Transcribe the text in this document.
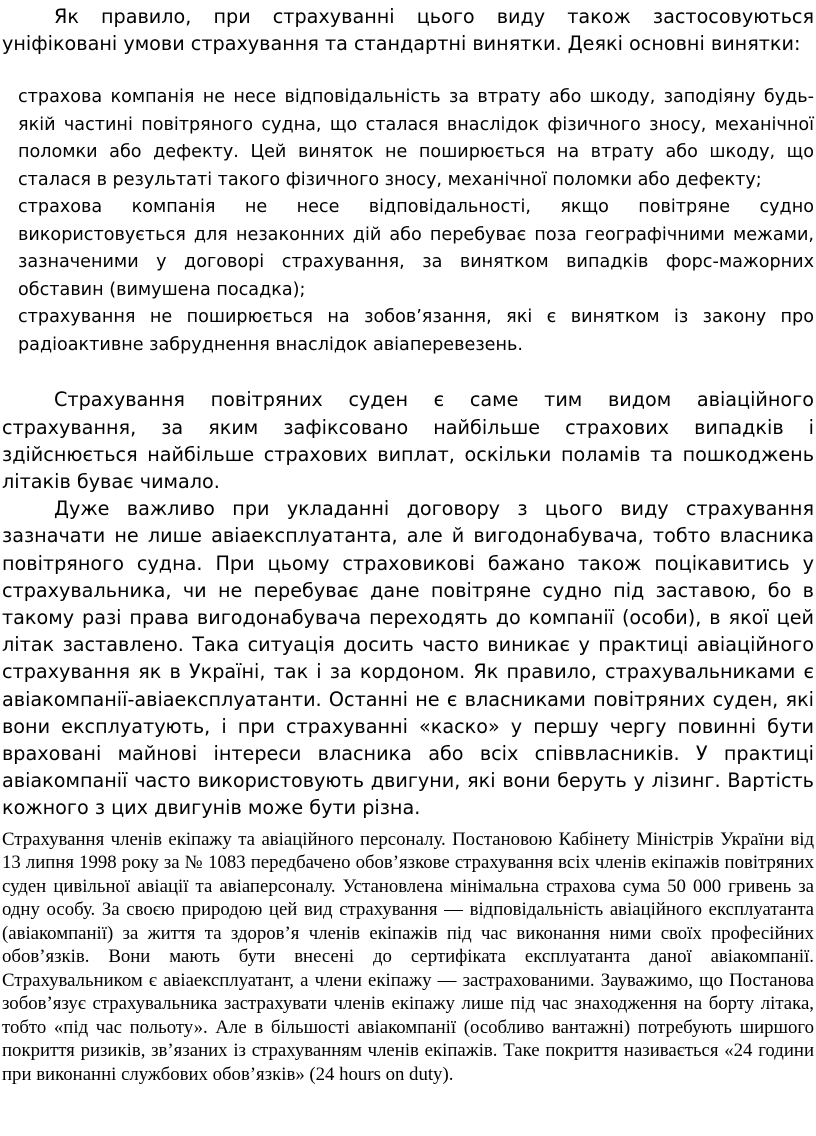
Як правило, при страхуванні цього виду також застосовуються уніфіковані умови страхування та стандартні винятки. Деякі основні винятки:

страхова компанія не несе відповідальність за втрату або шкоду, заподіяну будь-якій частині повітряного судна, що сталася внаслідок фізичного зносу, механічної поломки або дефекту. Цей виняток не поширюється на втрату або шкоду, що сталася в результаті такого фізичного зносу, механічної поломки або дефекту;
страхова компанія не несе відповідальності, якщо повітряне судно використовується для незаконних дій або перебуває поза географічними межами, зазначеними у договорі страхування, за винятком випадків форс-мажорних обставин (вимушена посадка);
страхування не поширюється на зобов’язання, які є винятком із закону про радіоактивне забруднення внаслідок авіаперевезень.

Страхування повітряних суден є саме тим видом авіаційного страхування, за яким зафіксовано найбільше страхових випадків і здійснюється найбільше страхових виплат, оскільки поламів та пошкоджень літаків буває чимало.

Дуже важливо при укладанні договору з цього виду страхування зазначати не лише авіаексплуатанта, але й вигодонабувача, тобто власника повітряного судна. При цьому страховикові бажано також поцікавитись у страхувальника, чи не перебуває дане повітряне судно під заставою, бо в такому разі права вигодонабувача переходять до компанії (особи), в якої цей літак заставлено. Така ситуація досить часто виникає у практиці авіаційного страхування як в Україні, так і за кордоном. Як правило, страхувальниками є авіакомпанії-авіаексплуатанти. Останні не є власниками повітряних суден, які вони експлуатують, і при страхуванні «каско» у першу чергу повинні бути враховані майнові інтереси власника або всіх співвласників. У практиці авіакомпанії часто використовують двигуни, які вони беруть у лізинг. Вартість кожного з цих двигунів може бути різна.

Страхування членів екіпажу та авіаційного персоналу. Постановою Кабінету Міністрів України від 13 липня 1998 року за № 1083 передбачено обов’язкове страхування всіх членів екіпажів повітряних суден цивільної авіації та авіаперсоналу. Установлена мінімальна страхова сума 50 000 гривень за одну особу. За своєю природою цей вид страхування — відповідальність авіаційного експлуатанта (авіакомпанії) за життя та здоров’я членів екіпажів під час виконання ними своїх професійних обов’язків. Вони мають бути внесені до сертифіката експлуатанта даної авіакомпанії. Страхувальником є авіаексплуатант, а члени екіпажу — застрахованими. Зауважимо, що Постанова зобов’язує страхувальника застрахувати членів екіпажу лише під час знаходження на борту літака, тобто «під час польоту». Але в більшості авіакомпанії (особливо вантажні) потребують ширшого покриття ризиків, зв’язаних із страхуванням членів екіпажів. Таке покриття називається «24 години при виконанні службових обов’язків» (24 hours on duty).
